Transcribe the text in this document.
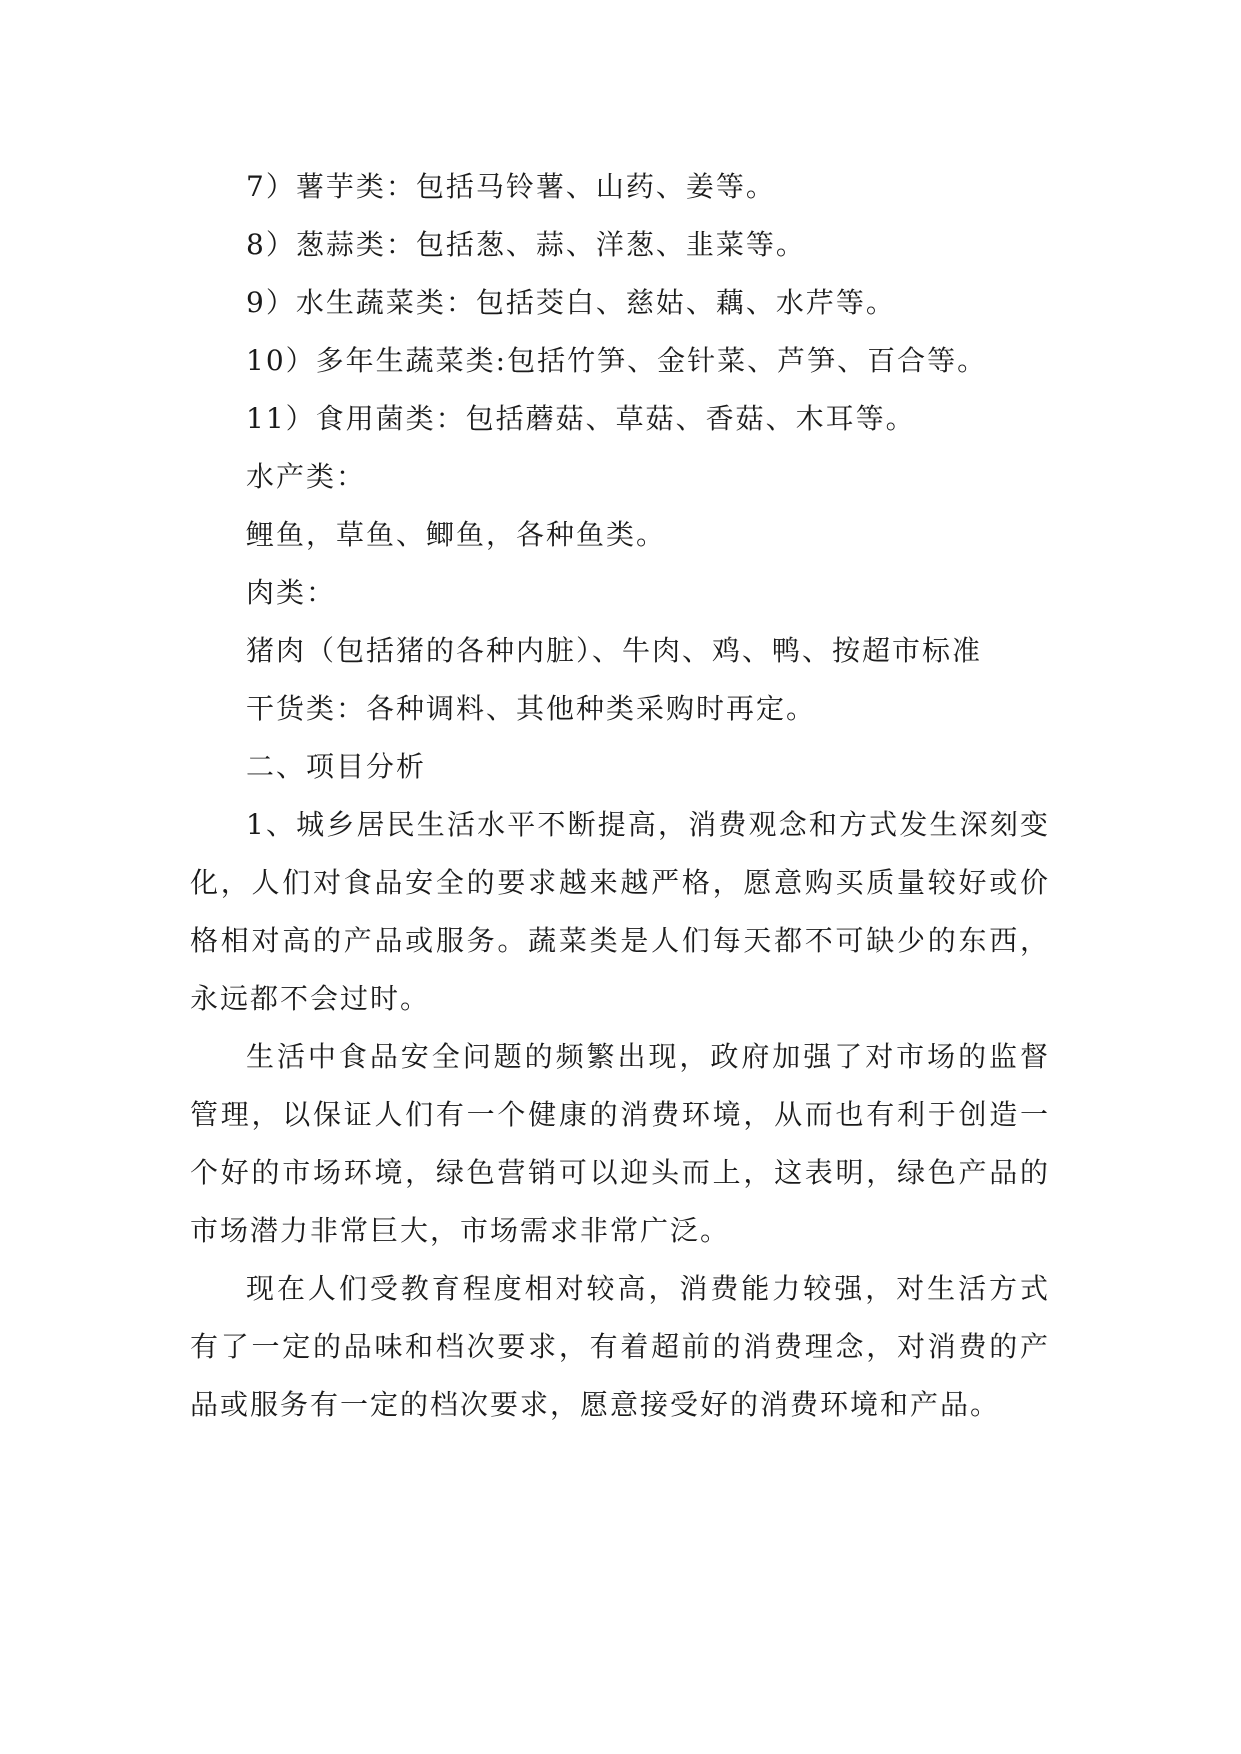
7）薯芋类：包括马铃薯、山药、姜等。

8）葱蒜类：包括葱、蒜、洋葱、韭菜等。

9）水生蔬菜类：包括茭白、慈姑、藕、水芹等。

10）多年生蔬菜类:包括竹笋、金针菜、芦笋、百合等。

11）食用菌类：包括蘑菇、草菇、香菇、木耳等。

水产类：

鲤鱼，草鱼、鲫鱼，各种鱼类。

肉类：

猪肉（包括猪的各种内脏）、牛肉、鸡、鸭、按超市标准

干货类：各种调料、其他种类采购时再定。

二、项目分析

1、城乡居民生活水平不断提高，消费观念和方式发生深刻变化，人们对食品安全的要求越来越严格，愿意购买质量较好或价格相对高的产品或服务。蔬菜类是人们每天都不可缺少的东西，永远都不会过时。

生活中食品安全问题的频繁出现，政府加强了对市场的监督管理，以保证人们有一个健康的消费环境，从而也有利于创造一个好的市场环境，绿色营销可以迎头而上，这表明，绿色产品的市场潜力非常巨大，市场需求非常广泛。

现在人们受教育程度相对较高，消费能力较强，对生活方式有了一定的品味和档次要求，有着超前的消费理念，对消费的产品或服务有一定的档次要求，愿意接受好的消费环境和产品。
